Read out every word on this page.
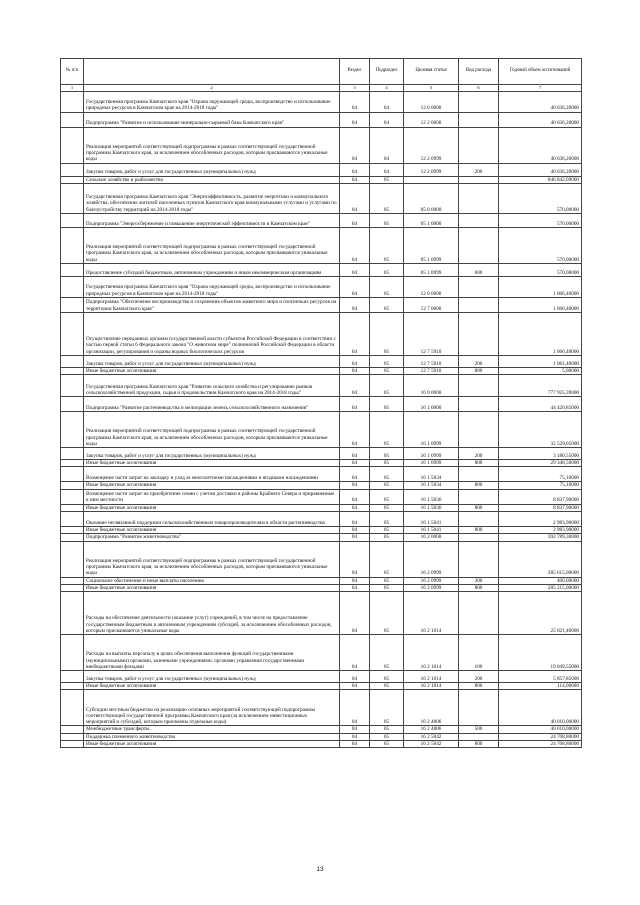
№ п/п		Раздел	Подраздел	Целевая статья	Вид расхода	Годовой объем ассигнований
1	2	3	4	5	6	7
	Государственная программа Камчатского края "Охрана окружающей среды, воспроизводство и использование природных ресурсов в Камчатском крае на 2014-2018 годы"	04	04	12 0 0000		40 636,20000
	Подпрограмма "Развитие и использование минерально-сырьевой базы Камчатского края"	04	04	12 2 0000		40 636,20000
	Реализация мероприятий соответствующей подпрограммы в рамках соответствующей государственной программы Камчатского края, за исключением обособленных расходов, которым присваиваются уникальные коды	04	04	12 2 0999		40 636,20000
	Закупка товаров, работ и услуг для государственных (муниципальных) нужд	04	04	12 2 0999	200	40 636,20000
	Сельское хозяйство и рыболовство	04	05			846 842,09000
	Государственная программа Камчатского края "Энергоэффективность, развитие энергетики и коммунального хозяйства, обеспечение жителей населенных пунктов Камчатского края коммунальными услугами и услугами по благоустройству территорий на 2014-2018 годы"	04	05	05 0 0000		570,00000
	Подпрограмма "Энергосбережение и повышение энергетической эффективности в Камчатском крае"	04	05	05 1 0000		570,00000
	Реализация мероприятий соответствующей подпрограммы в рамках соответствующей государственной программы Камчатского края, за исключением обособленных расходов, которым присваиваются уникальные коды	04	05	05 1 0999		570,00000
	Предоставление субсидий бюджетным, автономным учреждениям и иным некоммерческим организациям	04	05	05 1 0999	600	570,00000
	Государственная программа Камчатского края "Охрана окружающей среды, воспроизводство и использование природных ресурсов в Камчатском крае на 2014-2018 годы"	04	05	12 0 0000		1 066,40000
	Подпрограмма "Обеспечение воспроизводства и сохранения объектов животного мира и охотничьих ресурсов на территории Камчатского края"	04	05	12 7 0000		1 066,40000
	Осуществление переданных органам государственной власти субъектов Российской Федерации в соответствии с частью первой статьи 6 Федерального закона "О животном мире" полномочий Российской Федерации в области организации, регулирования и охраны водных биологических ресурсов	04	05	12 7 5910		1 066,40000
	Закупка товаров, работ и услуг для государственных (муниципальных) нужд	04	05	12 7 5910	200	1 061,40000
	Иные бюджетные ассигнования	04	05	12 7 5910	800	5,00000
	Государственная программа Камчатского края "Развитие сельского хозяйства и регулирование рынков сельскохозяйственной продукции, сырья и продовольствия Камчатского края на 2014-2018 годы"	04	05	16 0 0000		777 925,39000
	Подпрограмма "Развитие растениеводства и мелиорации земель сельскохозяйственного назначения"	04	05	16 1 0000		44 420,85000
	Реализация мероприятий соответствующей подпрограммы в рамках соответствующей государственной программы Камчатского края, за исключением обособленных расходов, которым присваиваются уникальные коды	04	05	16 1 0999		32 529,05000
	Закупка товаров, работ и услуг для государственных (муниципальных) нужд	04	05	16 1 0999	200	3 180,55000
	Иные бюджетные ассигнования	04	05	16 1 0999	800	29 348,50000
	Возмещение части затрат на закладку и уход за многолетними насаждениями и ягодными насаждениями	04	05	16 1 5034		75,10000
	Иные бюджетные ассигнования	04	05	16 1 5034	800	75,10000
	Возмещение части затрат на приобретение семян с учетом доставки в районы Крайнего Севера и приравненные к ним местности	04	05	16 1 5036		8 837,90000
	Иные бюджетные ассигнования	04	05	16 1 5036	800	8 837,90000
	Оказание несвязанной поддержки сельскохозяйственным товаропроизводителям в области растениеводства	04	05	16 1 5041		2 983,90000
	Иные бюджетные ассигнования	04	05	16 1 5041	800	2 983,90000
	Подпрограмма "Развитие животноводства"	04	05	16 2 0000		392 789,30000
	Реализация мероприятий соответствующей подпрограммы в рамках соответствующей государственной программы Камчатского края, за исключением обособленных расходов, которым присваиваются уникальные коды	04	05	16 2 0999		285 615,00000
	Социальное обеспечение и иные выплаты населению	04	05	16 2 0999	300	400,00000
	Иные бюджетные ассигнования	04	05	16 2 0999	800	285 215,00000
	Расходы на обеспечение деятельности (оказание услуг) учреждений, в том числе на предоставление государственным бюджетным и автономным учреждениям субсидий, за исключением обособленных расходов, которым присваиваются уникальные коды	04	05	16 2 1014		25 021,40000
	Расходы на выплаты персоналу в целях обеспечения выполнения функций государственными (муниципальными) органами, казенными учреждениями, органами управления государственными внебюджетными фондами	04	05	16 2 1014	100	19 049,55000
	Закупка товаров, работ и услуг для государственных (муниципальных) нужд	04	05	16 2 1014	200	5 857,85000
	Иные бюджетные ассигнования	04	05	16 2 1014	800	114,00000
	Субсидии местным бюджетам на реализацию основных мероприятий соответствующей подпрограммы соответствующей государственной программы Камчатского края (за исключением инвестиционных мероприятий и субсидий, которым присвоены отдельные коды)	04	05	16 2 4006		40 010,00000
	Межбюджетные трансферты	04	05	16 2 4006	500	40 010,00000
	Поддержка племенного животноводства	04	05	16 2 5042		24 708,80000
	Иные бюджетные ассигнования	04	05	16 2 5042	800	24 708,80000
13
